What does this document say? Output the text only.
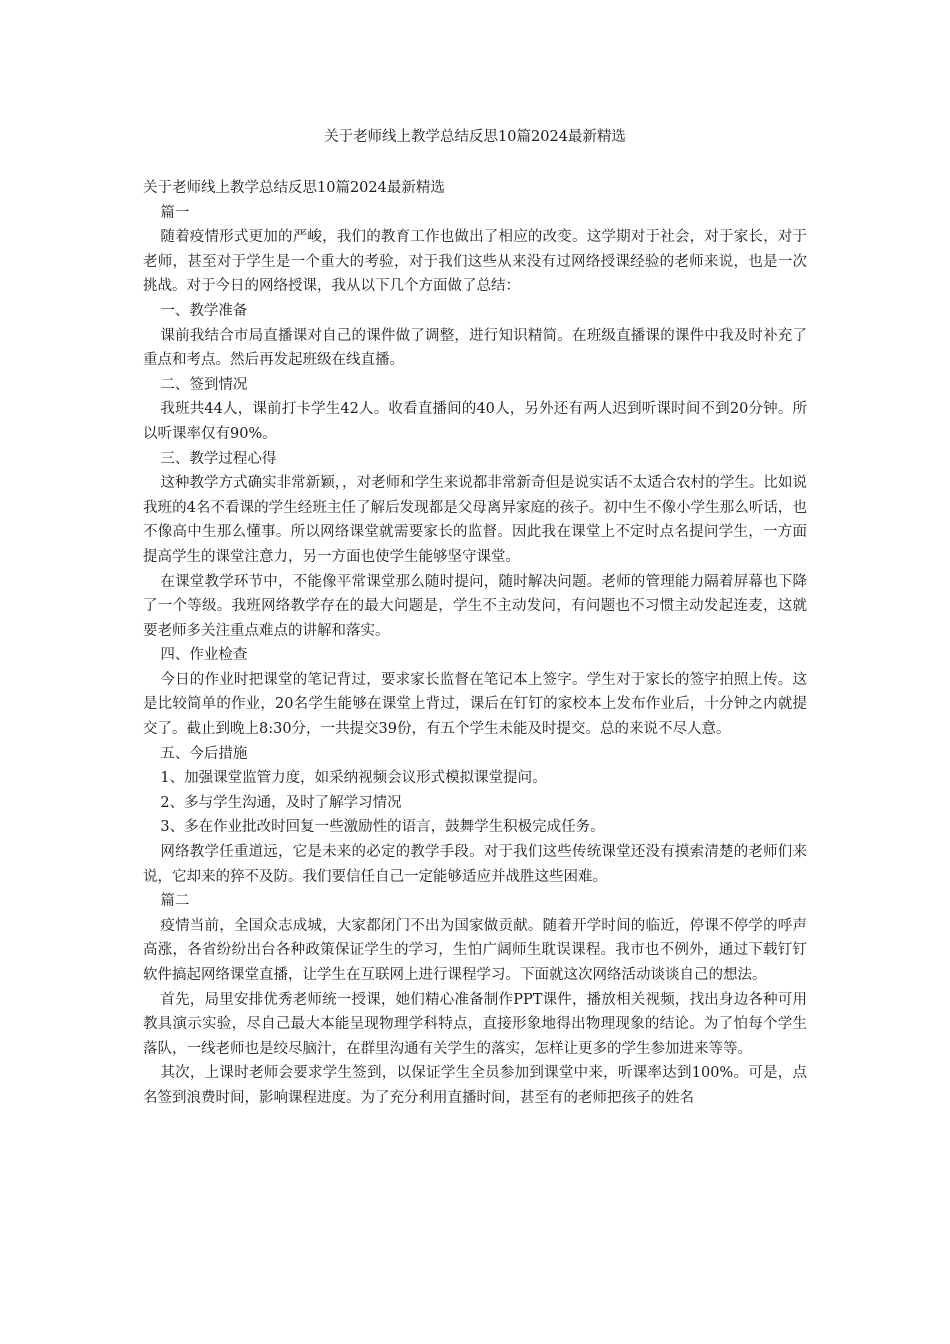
关于老师线上教学总结反思10篇2024最新精选

关于老师线上教学总结反思10篇2024最新精选

篇一

随着疫情形式更加的严峻，我们的教育工作也做出了相应的改变。这学期对于社会，对于家长，对于老师，甚至对于学生是一个重大的考验，对于我们这些从来没有过网络授课经验的老师来说，也是一次挑战。对于今日的网络授课，我从以下几个方面做了总结：

一、教学准备

课前我结合市局直播课对自己的课件做了调整，进行知识精简。在班级直播课的课件中我及时补充了重点和考点。然后再发起班级在线直播。

二、签到情况

我班共44人，课前打卡学生42人。收看直播间的40人，另外还有两人迟到听课时间不到20分钟。所以听课率仅有90%。

三、教学过程心得

这种教学方式确实非常新颖，，对老师和学生来说都非常新奇但是说实话不太适合农村的学生。比如说我班的4名不看课的学生经班主任了解后发现都是父母离异家庭的孩子。初中生不像小学生那么听话，也不像高中生那么懂事。所以网络课堂就需要家长的监督。因此我在课堂上不定时点名提问学生，一方面提高学生的课堂注意力，另一方面也使学生能够坚守课堂。

在课堂教学环节中，不能像平常课堂那么随时提问，随时解决问题。老师的管理能力隔着屏幕也下降了一个等级。我班网络教学存在的最大问题是，学生不主动发问，有问题也不习惯主动发起连麦，这就要老师多关注重点难点的讲解和落实。

四、作业检查

今日的作业时把课堂的笔记背过，要求家长监督在笔记本上签字。学生对于家长的签字拍照上传。这是比较简单的作业，20名学生能够在课堂上背过，课后在钉钉的家校本上发布作业后，十分钟之内就提交了。截止到晚上8:30分，一共提交39份，有五个学生未能及时提交。总的来说不尽人意。

五、今后措施

1、加强课堂监管力度，如采纳视频会议形式模拟课堂提问。

2、多与学生沟通，及时了解学习情况

3、多在作业批改时回复一些激励性的语言，鼓舞学生积极完成任务。

网络教学任重道远，它是未来的必定的教学手段。对于我们这些传统课堂还没有摸索清楚的老师们来说，它却来的猝不及防。我们要信任自己一定能够适应并战胜这些困难。

篇二

疫情当前，全国众志成城，大家都闭门不出为国家做贡献。随着开学时间的临近，停课不停学的呼声高涨，各省纷纷出台各种政策保证学生的学习，生怕广阔师生耽误课程。我市也不例外，通过下载钉钉软件搞起网络课堂直播，让学生在互联网上进行课程学习。下面就这次网络活动谈谈自己的想法。

首先，局里安排优秀老师统一授课，她们精心准备制作PPT课件，播放相关视频，找出身边各种可用教具演示实验，尽自己最大本能呈现物理学科特点，直接形象地得出物理现象的结论。为了怕每个学生落队，一线老师也是绞尽脑汁，在群里沟通有关学生的落实，怎样让更多的学生参加进来等等。

其次，上课时老师会要求学生签到，以保证学生全员参加到课堂中来，听课率达到100%。可是，点名签到浪费时间，影响课程进度。为了充分利用直播时间，甚至有的老师把孩子的姓名
